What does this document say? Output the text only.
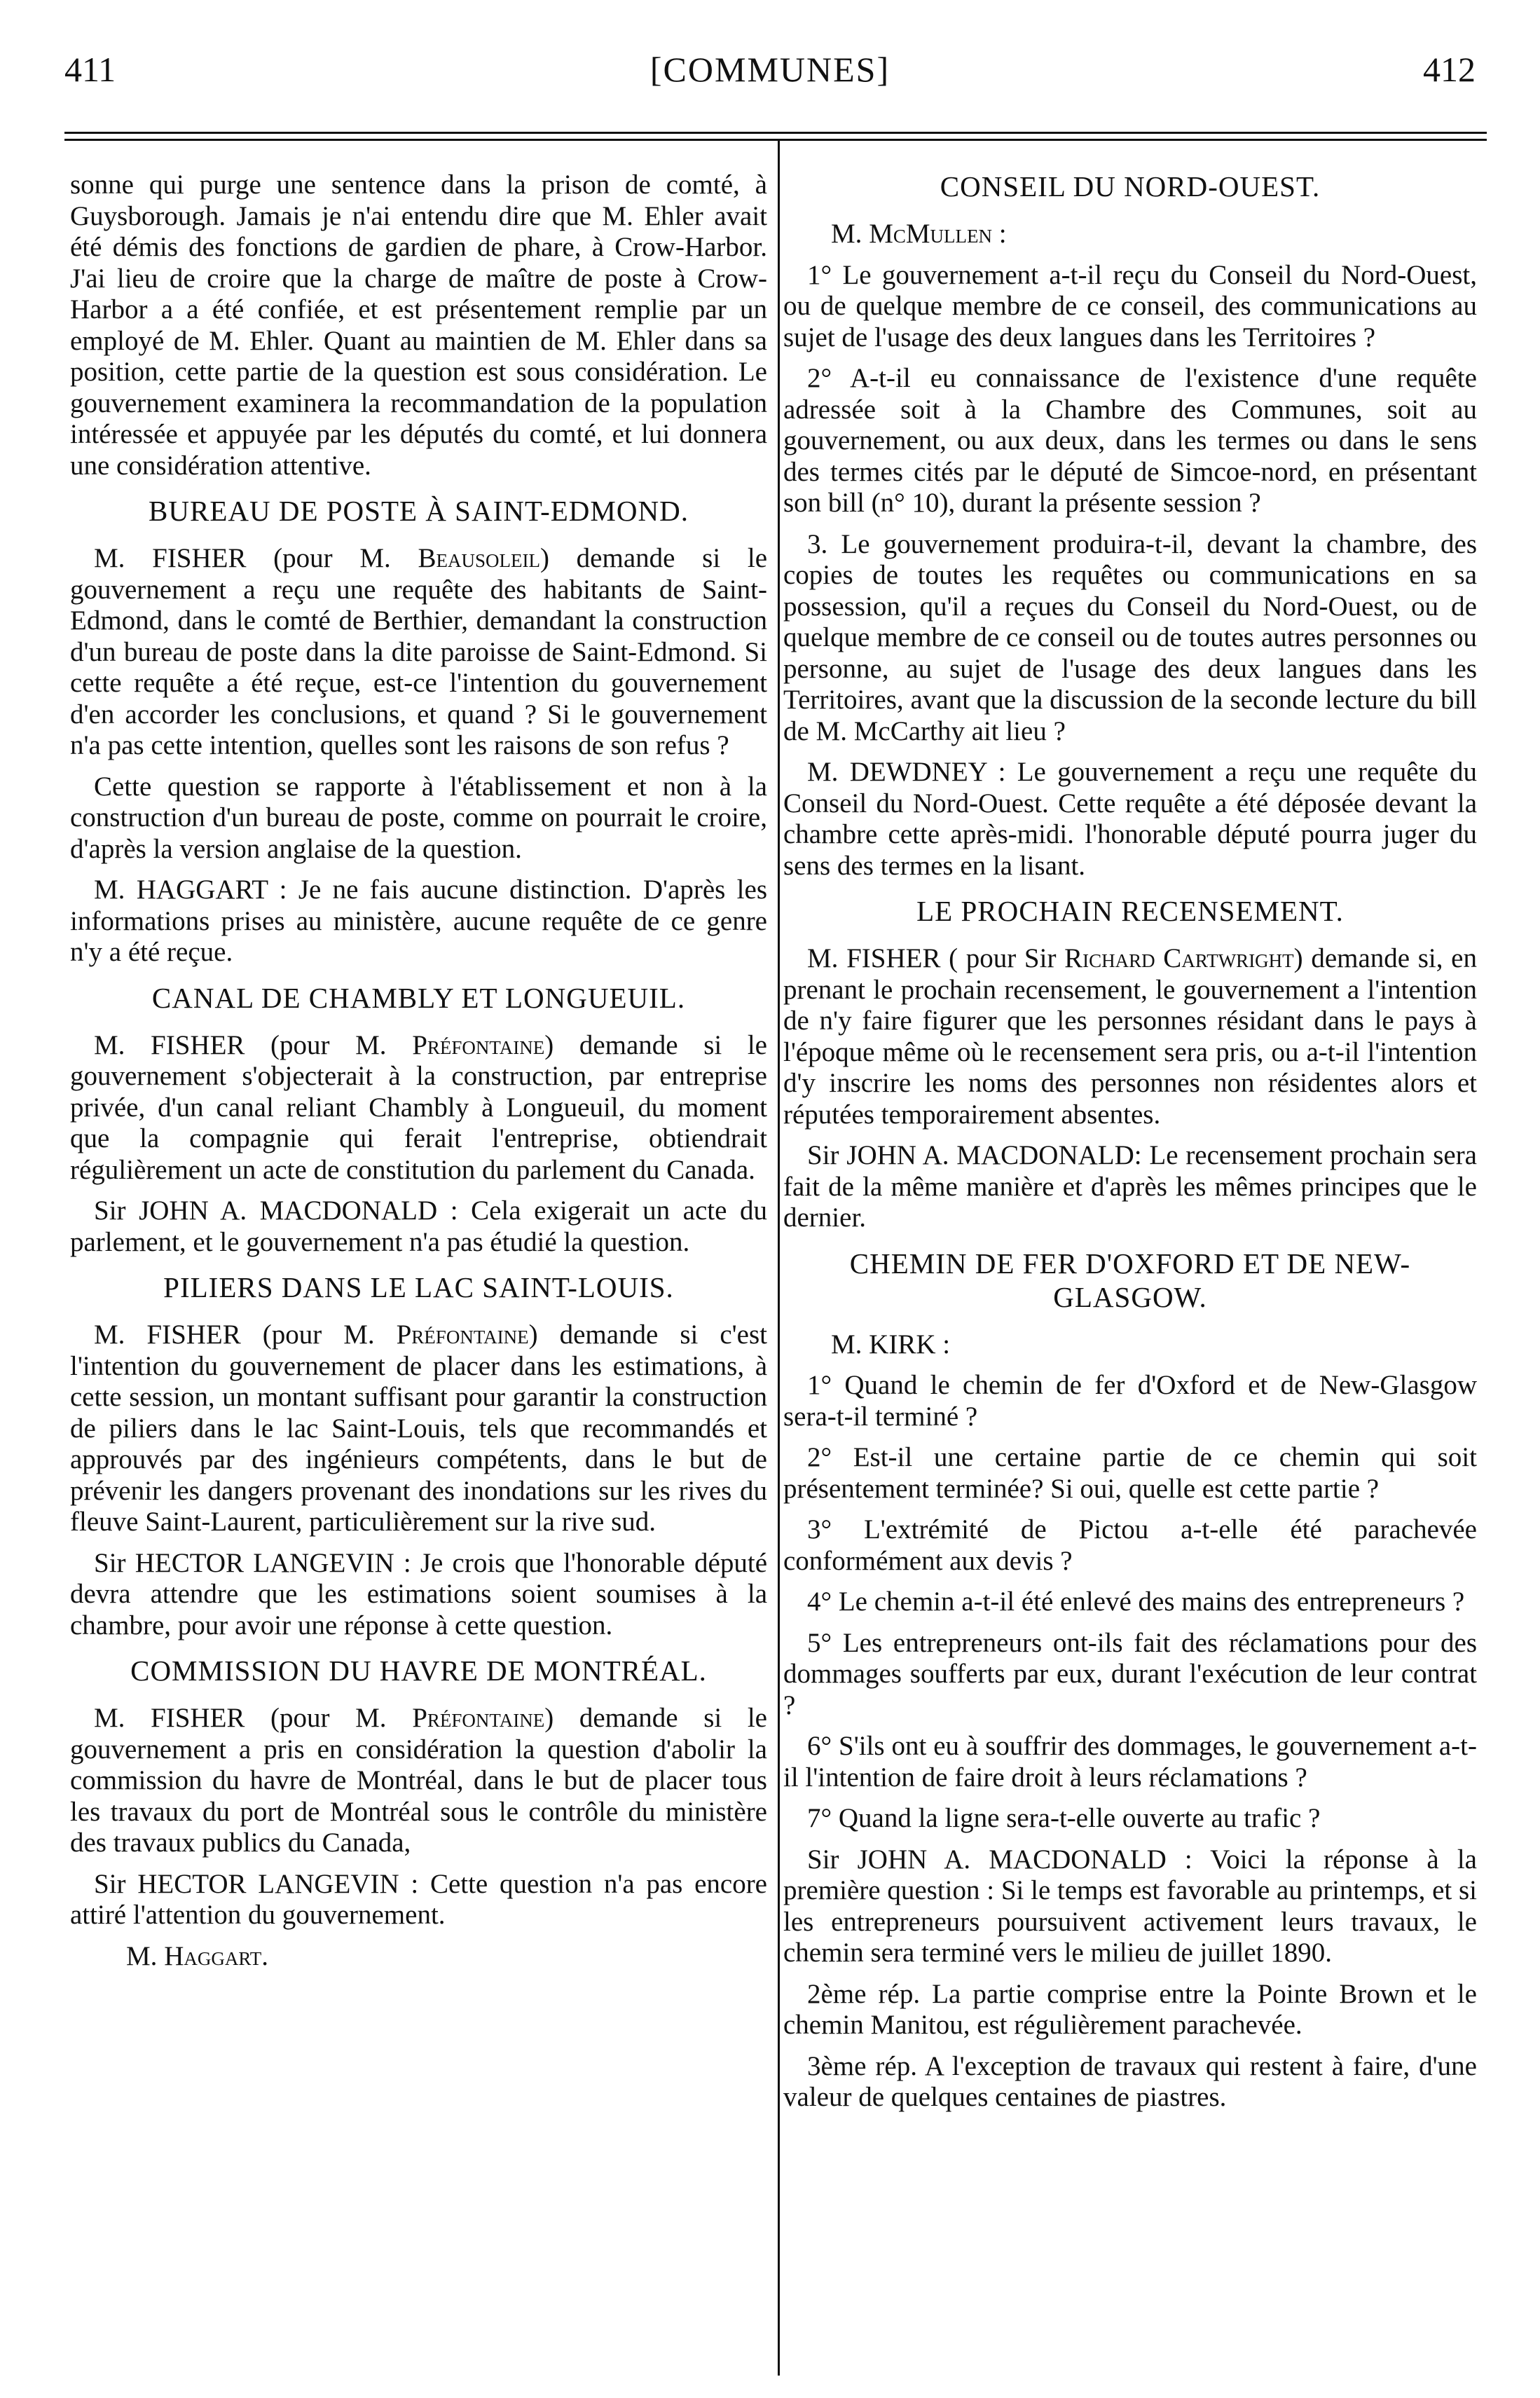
411	[COMMUNES]	412

sonne qui purge une sentence dans la prison de comté, à Guysborough. Jamais je n'ai entendu dire que M. Ehler avait été démis des fonctions de gardien de phare, à Crow-Harbor. J'ai lieu de croire que la charge de maître de poste à Crow-Harbor a a été confiée, et est présentement remplie par un employé de M. Ehler. Quant au maintien de M. Ehler dans sa position, cette partie de la question est sous considération. Le gouvernement examinera la recommandation de la population intéressée et appuyée par les députés du comté, et lui donnera une considération attentive.

BUREAU DE POSTE À SAINT-EDMOND.

M. FISHER (pour M. Beausoleil) demande si le gouvernement a reçu une requête des habitants de Saint-Edmond, dans le comté de Berthier, demandant la construction d'un bureau de poste dans la dite paroisse de Saint-Edmond. Si cette requête a été reçue, est-ce l'intention du gouvernement d'en accorder les conclusions, et quand ? Si le gouvernement n'a pas cette intention, quelles sont les raisons de son refus ?

Cette question se rapporte à l'établissement et non à la construction d'un bureau de poste, comme on pourrait le croire, d'après la version anglaise de la question.

M. HAGGART : Je ne fais aucune distinction. D'après les informations prises au ministère, aucune requête de ce genre n'y a été reçue.

CANAL DE CHAMBLY ET LONGUEUIL.

M. FISHER (pour M. Préfontaine) demande si le gouvernement s'objecterait à la construction, par entreprise privée, d'un canal reliant Chambly à Longueuil, du moment que la compagnie qui ferait l'entreprise, obtiendrait régulièrement un acte de constitution du parlement du Canada.

Sir JOHN A. MACDONALD : Cela exigerait un acte du parlement, et le gouvernement n'a pas étudié la question.

PILIERS DANS LE LAC SAINT-LOUIS.

M. FISHER (pour M. Préfontaine) demande si c'est l'intention du gouvernement de placer dans les estimations, à cette session, un montant suffisant pour garantir la construction de piliers dans le lac Saint-Louis, tels que recommandés et approuvés par des ingénieurs compétents, dans le but de prévenir les dangers provenant des inondations sur les rives du fleuve Saint-Laurent, particulièrement sur la rive sud.

Sir HECTOR LANGEVIN : Je crois que l'honorable député devra attendre que les estimations soient soumises à la chambre, pour avoir une réponse à cette question.

COMMISSION DU HAVRE DE MONTRÉAL.

M. FISHER (pour M. Préfontaine) demande si le gouvernement a pris en considération la question d'abolir la commission du havre de Montréal, dans le but de placer tous les travaux du port de Montréal sous le contrôle du ministère des travaux publics du Canada,

Sir HECTOR LANGEVIN : Cette question n'a pas encore attiré l'attention du gouvernement.

M. Haggart.

CONSEIL DU NORD-OUEST.

M. McMullen :

1° Le gouvernement a-t-il reçu du Conseil du Nord-Ouest, ou de quelque membre de ce conseil, des communications au sujet de l'usage des deux langues dans les Territoires ?

2° A-t-il eu connaissance de l'existence d'une requête adressée soit à la Chambre des Communes, soit au gouvernement, ou aux deux, dans les termes ou dans le sens des termes cités par le député de Simcoe-nord, en présentant son bill (n° 10), durant la présente session ?

3. Le gouvernement produira-t-il, devant la chambre, des copies de toutes les requêtes ou communications en sa possession, qu'il a reçues du Conseil du Nord-Ouest, ou de quelque membre de ce conseil ou de toutes autres personnes ou personne, au sujet de l'usage des deux langues dans les Territoires, avant que la discussion de la seconde lecture du bill de M. McCarthy ait lieu ?

M. DEWDNEY : Le gouvernement a reçu une requête du Conseil du Nord-Ouest. Cette requête a été déposée devant la chambre cette après-midi. l'honorable député pourra juger du sens des termes en la lisant.

LE PROCHAIN RECENSEMENT.

M. FISHER ( pour Sir Richard Cartwright) demande si, en prenant le prochain recensement, le gouvernement a l'intention de n'y faire figurer que les personnes résidant dans le pays à l'époque même où le recensement sera pris, ou a-t-il l'intention d'y inscrire les noms des personnes non résidentes alors et réputées temporairement absentes.

Sir JOHN A. MACDONALD: Le recensement prochain sera fait de la même manière et d'après les mêmes principes que le dernier.

CHEMIN DE FER D'OXFORD ET DE NEW-GLASGOW.

M. KIRK :

1° Quand le chemin de fer d'Oxford et de New-Glasgow sera-t-il terminé ?

2° Est-il une certaine partie de ce chemin qui soit présentement terminée? Si oui, quelle est cette partie ?

3° L'extrémité de Pictou a-t-elle été parachevée conformément aux devis ?

4° Le chemin a-t-il été enlevé des mains des entrepreneurs ?

5° Les entrepreneurs ont-ils fait des réclamations pour des dommages soufferts par eux, durant l'exécution de leur contrat ?

6° S'ils ont eu à souffrir des dommages, le gouvernement a-t-il l'intention de faire droit à leurs réclamations ?

7° Quand la ligne sera-t-elle ouverte au trafic ?

Sir JOHN A. MACDONALD : Voici la réponse à la première question : Si le temps est favorable au printemps, et si les entrepreneurs poursuivent activement leurs travaux, le chemin sera terminé vers le milieu de juillet 1890.

2ème rép. La partie comprise entre la Pointe Brown et le chemin Manitou, est régulièrement parachevée.

3ème rép. A l'exception de travaux qui restent à faire, d'une valeur de quelques centaines de piastres.
